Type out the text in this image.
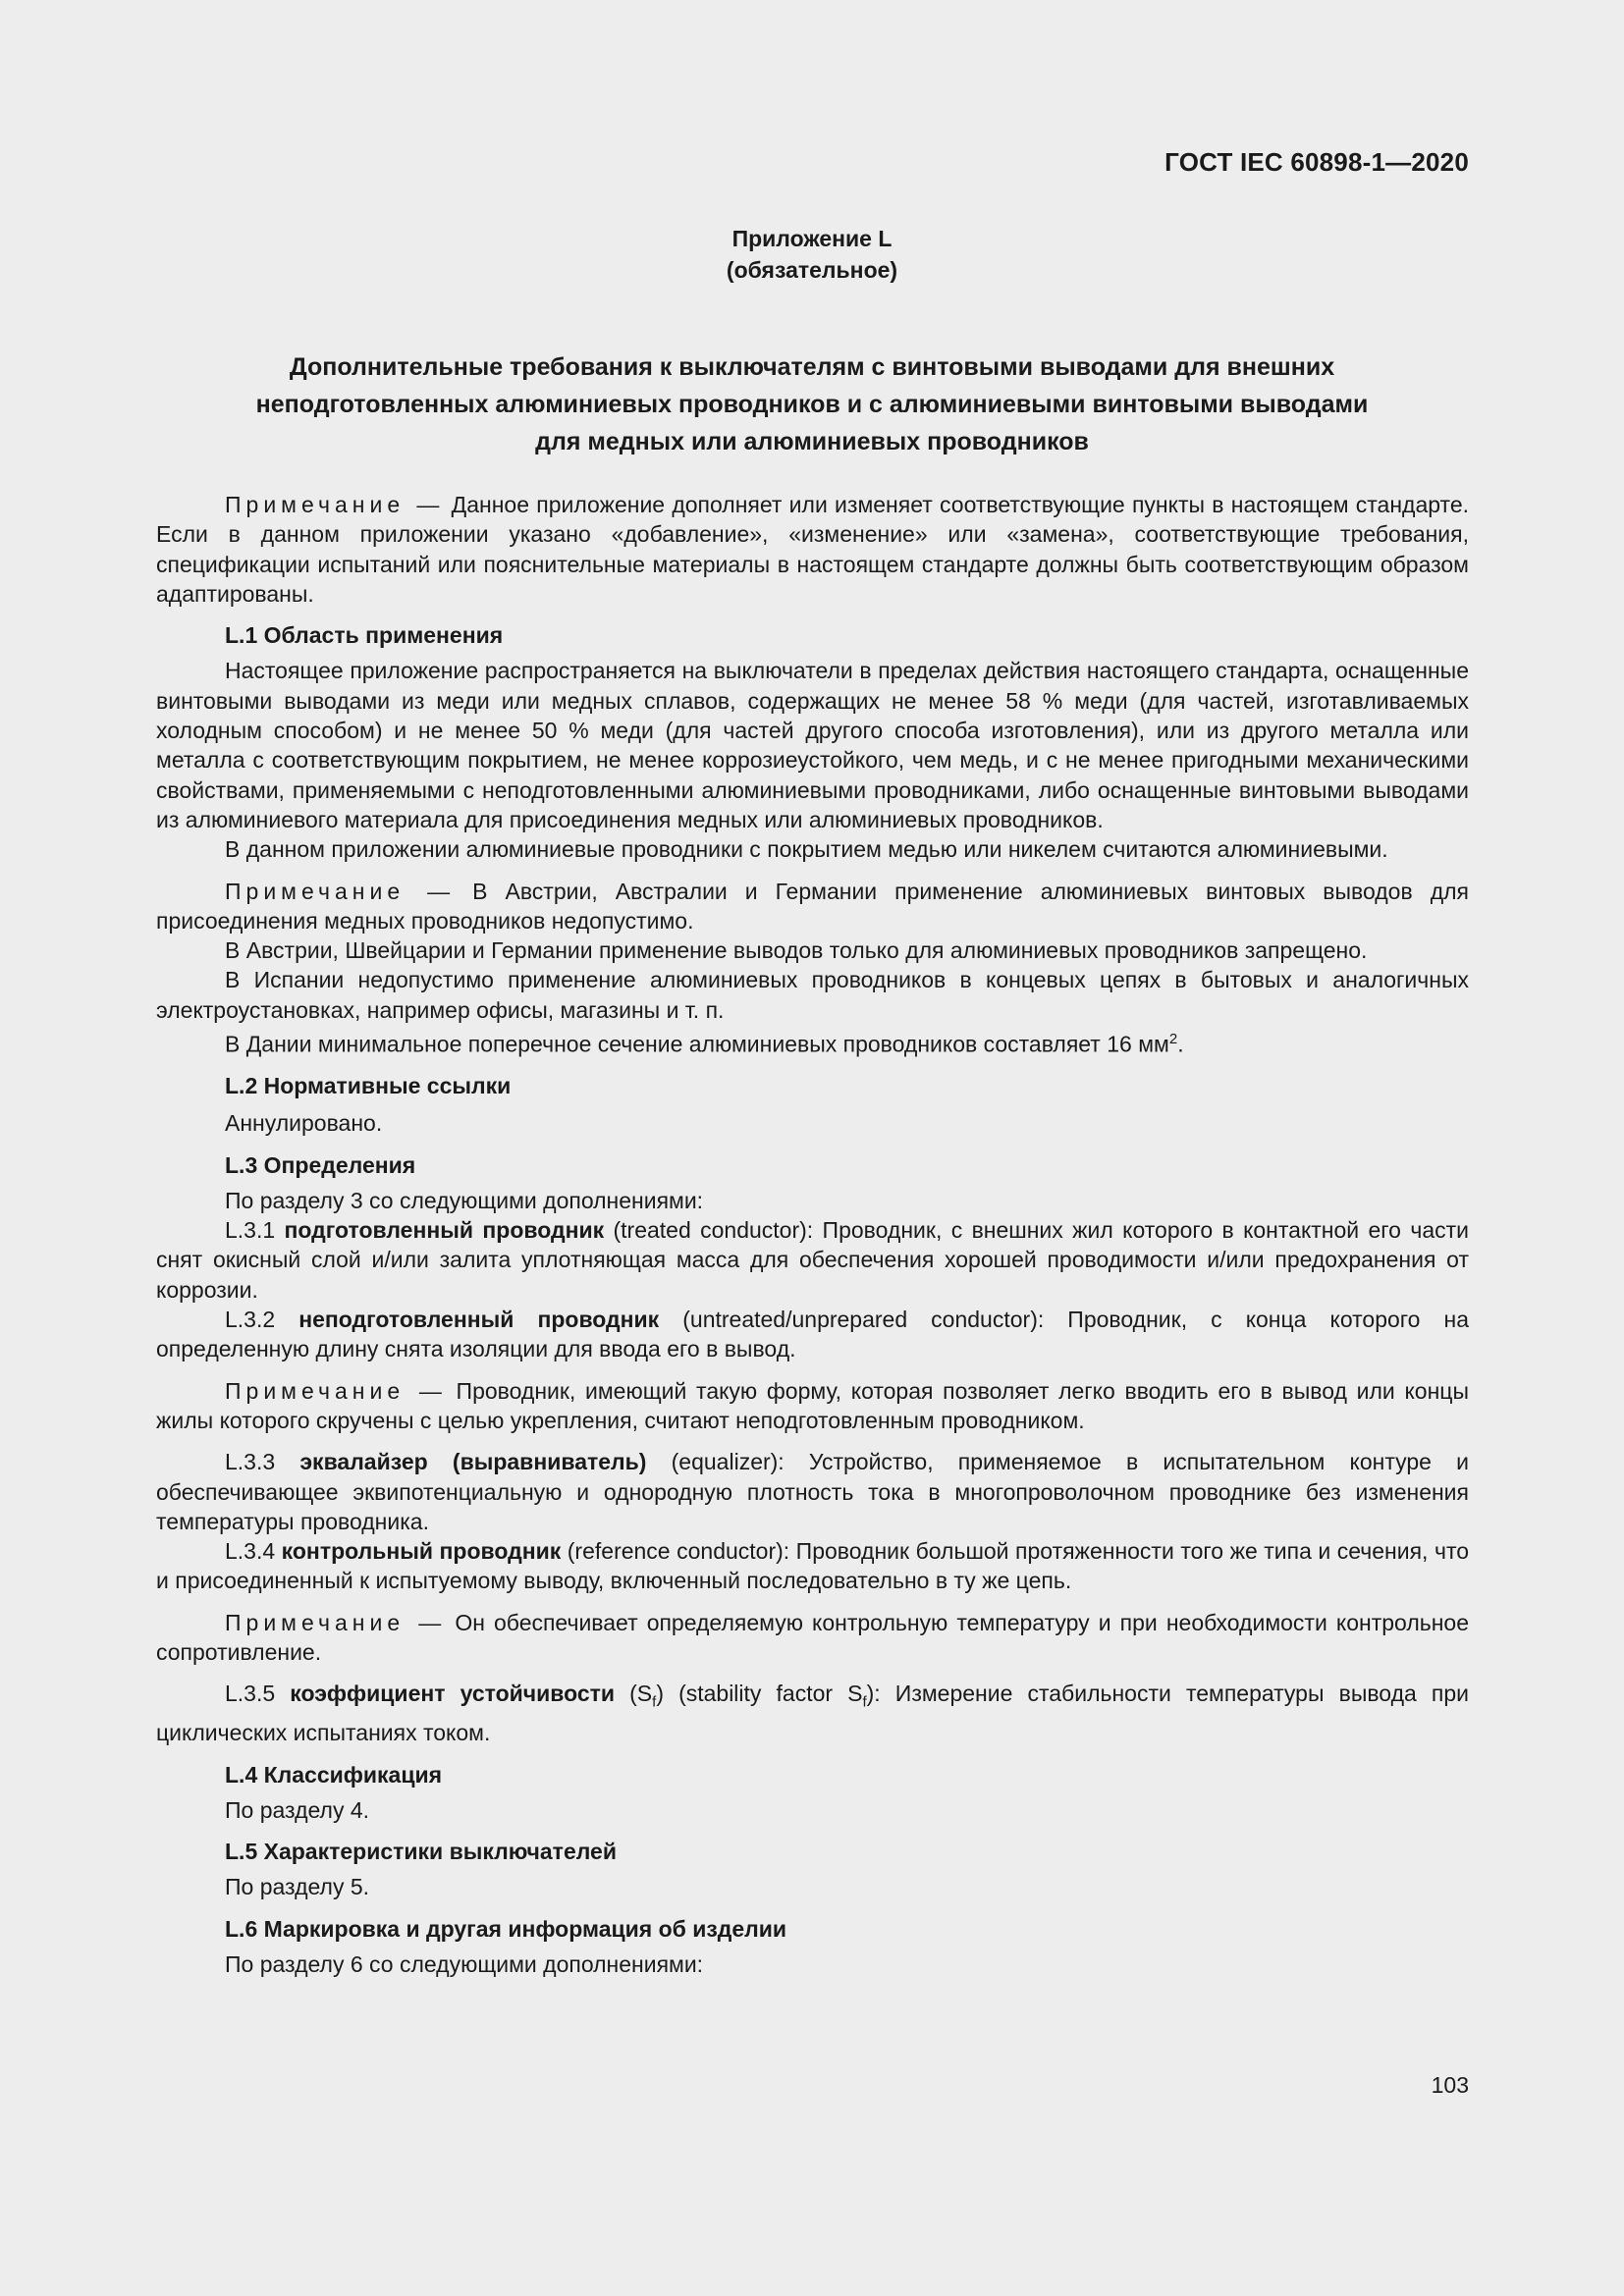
ГОСТ IEC 60898-1—2020
Приложение L
(обязательное)
Дополнительные требования к выключателям с винтовыми выводами для внешних
неподготовленных алюминиевых проводников и с алюминиевыми винтовыми выводами
для медных или алюминиевых проводников

Примечание — Данное приложение дополняет или изменяет соответствующие пункты в настоящем стандарте. Если в данном приложении указано «добавление», «изменение» или «замена», соответствующие требования, спецификации испытаний или пояснительные материалы в настоящем стандарте должны быть соответствующим образом адаптированы.

L.1 Область применения

Настоящее приложение распространяется на выключатели в пределах действия настоящего стандарта, оснащенные винтовыми выводами из меди или медных сплавов, содержащих не менее 58 % меди (для частей, изготавливаемых холодным способом) и не менее 50 % меди (для частей другого способа изготовления), или из другого металла или металла с соответствующим покрытием, не менее коррозиеустойкого, чем медь, и с не менее пригодными механическими свойствами, применяемыми с неподготовленными алюминиевыми проводниками, либо оснащенные винтовыми выводами из алюминиевого материала для присоединения медных или алюминиевых проводников.

В данном приложении алюминиевые проводники с покрытием медью или никелем считаются алюминиевыми.

Примечание — В Австрии, Австралии и Германии применение алюминиевых винтовых выводов для присоединения медных проводников недопустимо.

В Австрии, Швейцарии и Германии применение выводов только для алюминиевых проводников запрещено.

В Испании недопустимо применение алюминиевых проводников в концевых цепях в бытовых и аналогичных электроустановках, например офисы, магазины и т. п.

В Дании минимальное поперечное сечение алюминиевых проводников составляет 16 $мм^2$.

L.2 Нормативные ссылки

Аннулировано.

L.3 Определения

По разделу 3 со следующими дополнениями:

L.3.1 подготовленный проводник (treated conductor): Проводник, с внешних жил которого в контактной его части снят окисный слой и/или залита уплотняющая масса для обеспечения хорошей проводимости и/или предохранения от коррозии.

L.3.2 неподготовленный проводник (untreated/unprepared conductor): Проводник, с конца которого на определенную длину снята изоляции для ввода его в вывод.

Примечание — Проводник, имеющий такую форму, которая позволяет легко вводить его в вывод или концы жилы которого скручены с целью укрепления, считают неподготовленным проводником.

L.3.3 эквалайзер (выравниватель) (equalizer): Устройство, применяемое в испытательном контуре и обеспечивающее эквипотенциальную и однородную плотность тока в многопроволочном проводнике без изменения температуры проводника.

L.3.4 контрольный проводник (reference conductor): Проводник большой протяженности того же типа и сечения, что и присоединенный к испытуемому выводу, включенный последовательно в ту же цепь.

Примечание — Он обеспечивает определяемую контрольную температуру и при необходимости контрольное сопротивление.

L.3.5 коэффициент устойчивости $(S_f)$ (stability factor $S_f$): Измерение стабильности температуры вывода при циклических испытаниях током.

L.4 Классификация

По разделу 4.

L.5 Характеристики выключателей

По разделу 5.

L.6 Маркировка и другая информация об изделии

По разделу 6 со следующими дополнениями:

103
